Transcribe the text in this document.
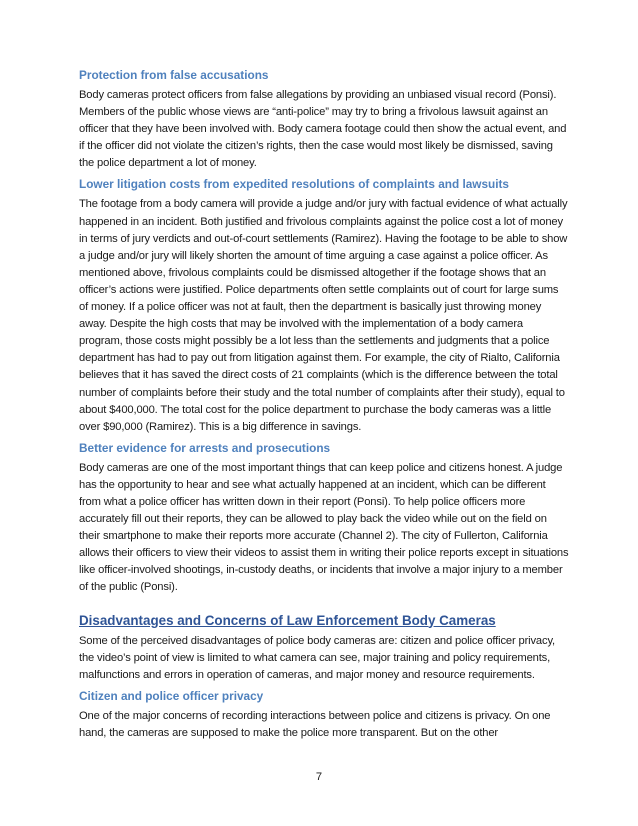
Protection from false accusations

Body cameras protect officers from false allegations by providing an unbiased visual record (Ponsi). Members of the public whose views are “anti-police” may try to bring a frivolous lawsuit against an officer that they have been involved with. Body camera footage could then show the actual event, and if the officer did not violate the citizen’s rights, then the case would most likely be dismissed, saving the police department a lot of money.

Lower litigation costs from expedited resolutions of complaints and lawsuits

The footage from a body camera will provide a judge and/or jury with factual evidence of what actually happened in an incident. Both justified and frivolous complaints against the police cost a lot of money in terms of jury verdicts and out-of-court settlements (Ramirez). Having the footage to be able to show a judge and/or jury will likely shorten the amount of time arguing a case against a police officer. As mentioned above, frivolous complaints could be dismissed altogether if the footage shows that an officer’s actions were justified. Police departments often settle complaints out of court for large sums of money. If a police officer was not at fault, then the department is basically just throwing money away. Despite the high costs that may be involved with the implementation of a body camera program, those costs might possibly be a lot less than the settlements and judgments that a police department has had to pay out from litigation against them. For example, the city of Rialto, California believes that it has saved the direct costs of 21 complaints (which is the difference between the total number of complaints before their study and the total number of complaints after their study), equal to about $400,000. The total cost for the police department to purchase the body cameras was a little over $90,000 (Ramirez). This is a big difference in savings.

Better evidence for arrests and prosecutions

Body cameras are one of the most important things that can keep police and citizens honest. A judge has the opportunity to hear and see what actually happened at an incident, which can be different from what a police officer has written down in their report (Ponsi). To help police officers more accurately fill out their reports, they can be allowed to play back the video while out on the field on their smartphone to make their reports more accurate (Channel 2). The city of Fullerton, California allows their officers to view their videos to assist them in writing their police reports except in situations like officer-involved shootings, in-custody deaths, or incidents that involve a major injury to a member of the public (Ponsi).

Disadvantages and Concerns of Law Enforcement Body Cameras

Some of the perceived disadvantages of police body cameras are: citizen and police officer privacy, the video’s point of view is limited to what camera can see, major training and policy requirements, malfunctions and errors in operation of cameras, and major money and resource requirements.

Citizen and police officer privacy

One of the major concerns of recording interactions between police and citizens is privacy. On one hand, the cameras are supposed to make the police more transparent. But on the other

7
